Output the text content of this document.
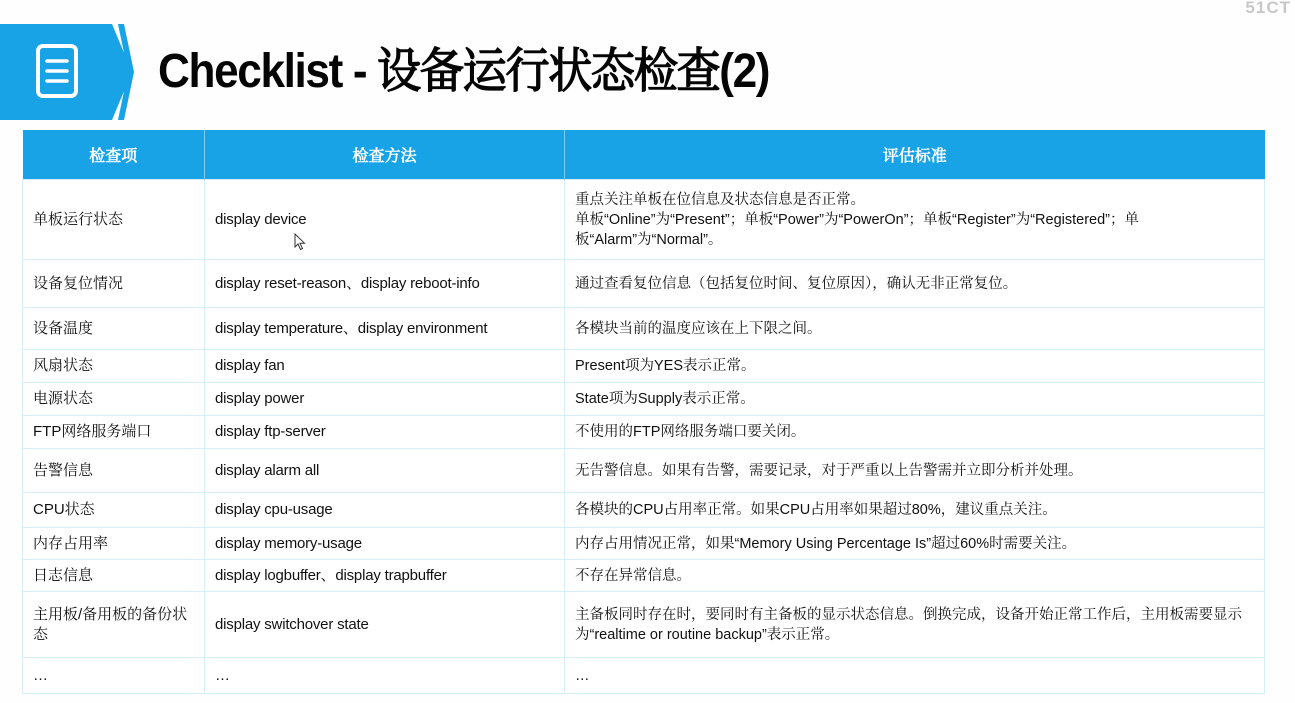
51CT
Checklist - 设备运行状态检查(2)
检查项	检查方法	评估标准
单板运行状态	display device	重点关注单板在位信息及状态信息是否正常。
单板“Online”为“Present”；单板“Power”为“PowerOn”；单板“Register”为“Registered”；单板“Alarm”为“Normal”。

设备复位情况	display reset-reason、display reboot-info	通过查看复位信息（包括复位时间、复位原因），确认无非正常复位。

设备温度	display temperature、display environment	各模块当前的温度应该在上下限之间。

风扇状态	display fan	Present项为YES表示正常。

电源状态	display power	State项为Supply表示正常。

FTP网络服务端口	display ftp-server	不使用的FTP网络服务端口要关闭。

告警信息	display alarm all	无告警信息。如果有告警，需要记录，对于严重以上告警需并立即分析并处理。

CPU状态	display cpu-usage	各模块的CPU占用率正常。如果CPU占用率如果超过80%，建议重点关注。

内存占用率	display memory-usage	内存占用情况正常，如果“Memory Using Percentage Is”超过60%时需要关注。

日志信息	display logbuffer、display trapbuffer	不存在异常信息。

主用板/备用板的备份状态	display switchover state	主备板同时存在时，要同时有主备板的显示状态信息。倒换完成，设备开始正常工作后，主用板需要显示为“realtime or routine backup”表示正常。

…	…	…
